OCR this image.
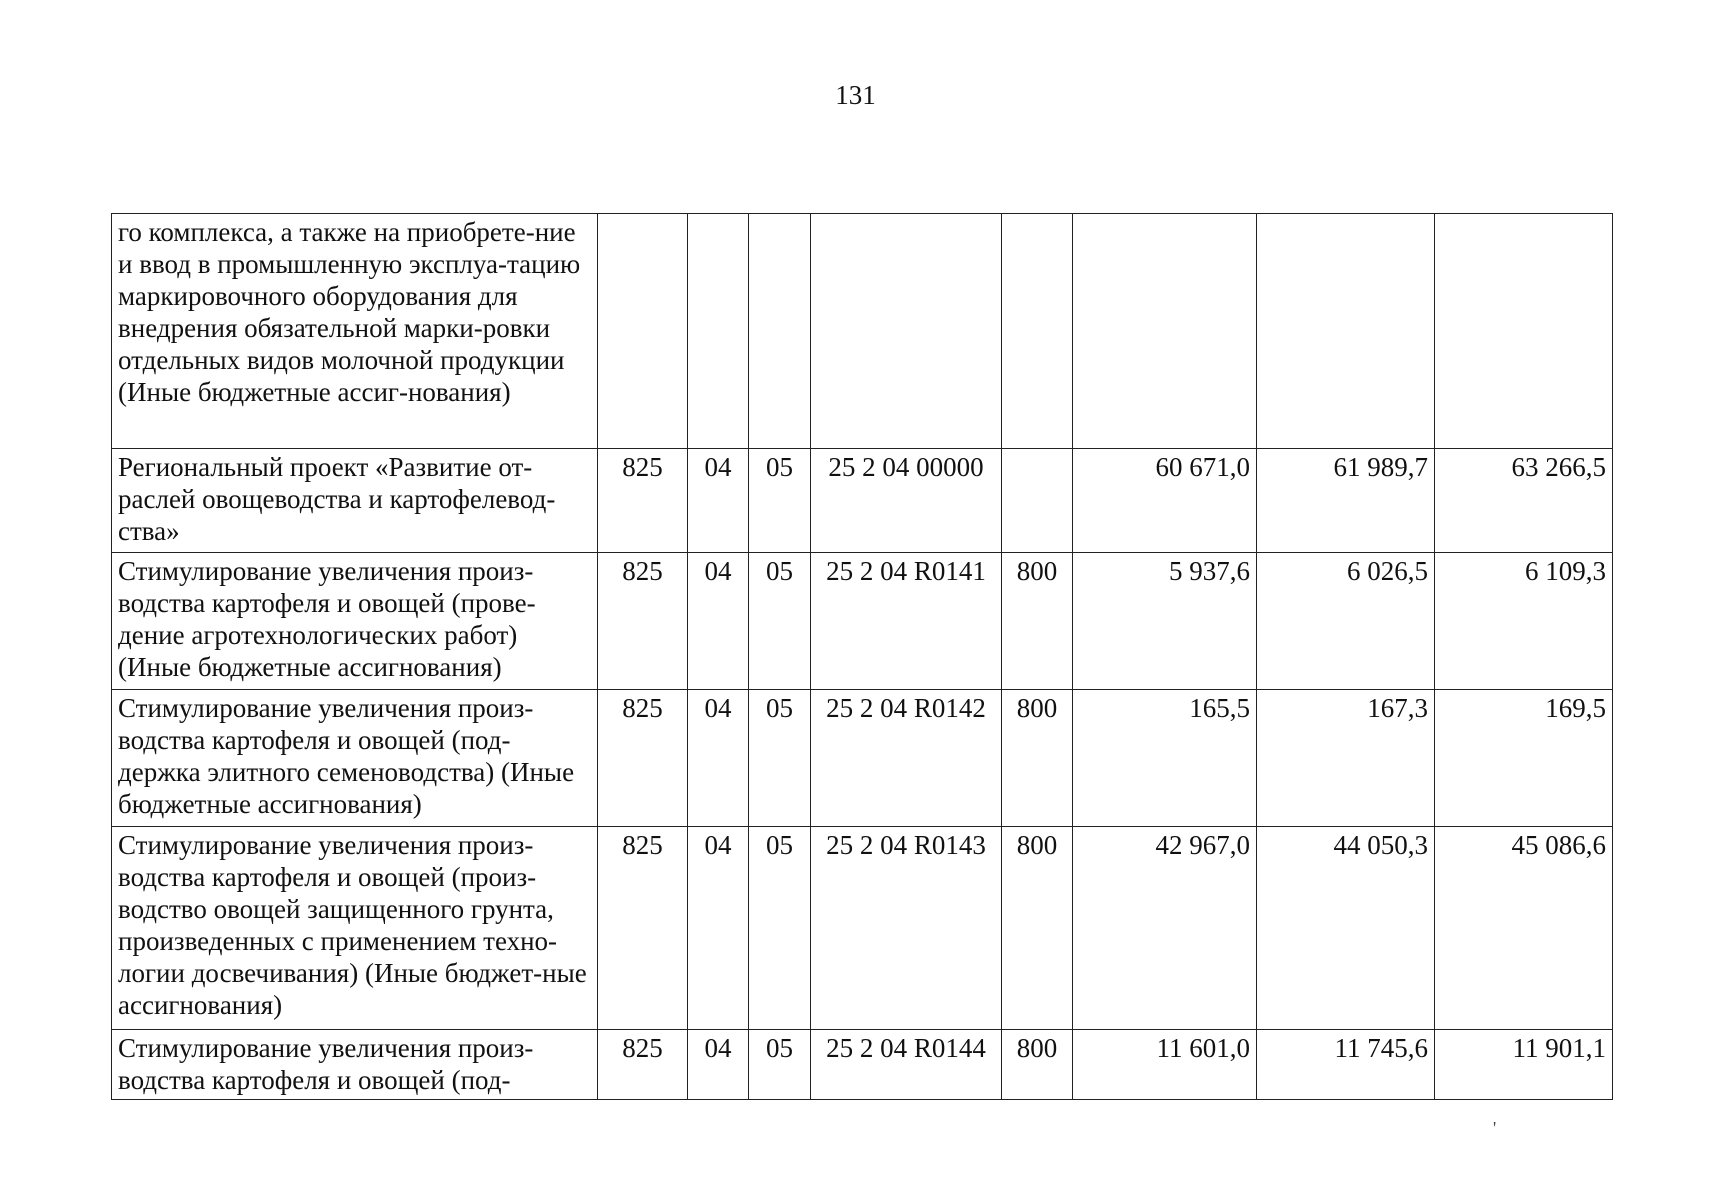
131
го комплекса, а также на приобрете-ние и ввод в промышленную эксплуа-тацию маркировочного оборудования для внедрения обязательной марки-ровки отдельных видов молочной продукции (Иные бюджетные ассиг-нования)								
Региональный проект «Развитие от-раслей овощеводства и картофелевод-ства»	825	04	05	25 2 04 00000		60 671,0	61 989,7	63 266,5
Стимулирование увеличения произ-водства картофеля и овощей (прове-дение агротехнологических работ) (Иные бюджетные ассигнования)	825	04	05	25 2 04 R0141	800	5 937,6	6 026,5	6 109,3
Стимулирование увеличения произ-водства картофеля и овощей (под-держка элитного семеноводства) (Иные бюджетные ассигнования)	825	04	05	25 2 04 R0142	800	165,5	167,3	169,5
Стимулирование увеличения произ-водства картофеля и овощей (произ-водство овощей защищенного грунта, произведенных с применением техно-логии досвечивания) (Иные бюджет-ные ассигнования)	825	04	05	25 2 04 R0143	800	42 967,0	44 050,3	45 086,6
Стимулирование увеличения произ-водства картофеля и овощей (под-	825	04	05	25 2 04 R0144	800	11 601,0	11 745,6	11 901,1
'
